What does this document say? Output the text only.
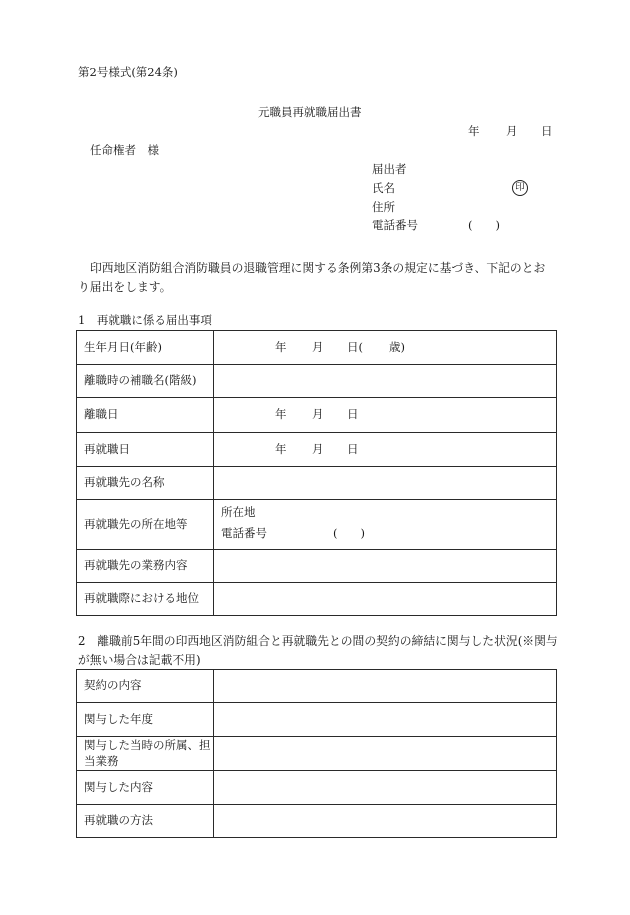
第2号様式(第24条)
元職員再就職届出書
年 月 日
任命権者　様
届出者
氏名	印
住所
電話番号	(　　)
印西地区消防組合消防職員の退職管理に関する条例第3条の規定に基づき、下記のとおり届出をします。
1　再就職に係る届出事項
生年月日(年齢)	年 月 日( 歳)

離職時の補職名(階級)	
離職日	年 月 日

再就職日	年 月 日

再就職先の名称	
再就職先の所在地等	所在地
電話番号 (　　)

再就職先の業務内容	
再就職際における地位	
2　離職前5年間の印西地区消防組合と再就職先との間の契約の締結に関与した状況(※関与が無い場合は記載不用)
契約の内容	
関与した年度	
関与した当時の所属、担当業務	
関与した内容	
再就職の方法	
